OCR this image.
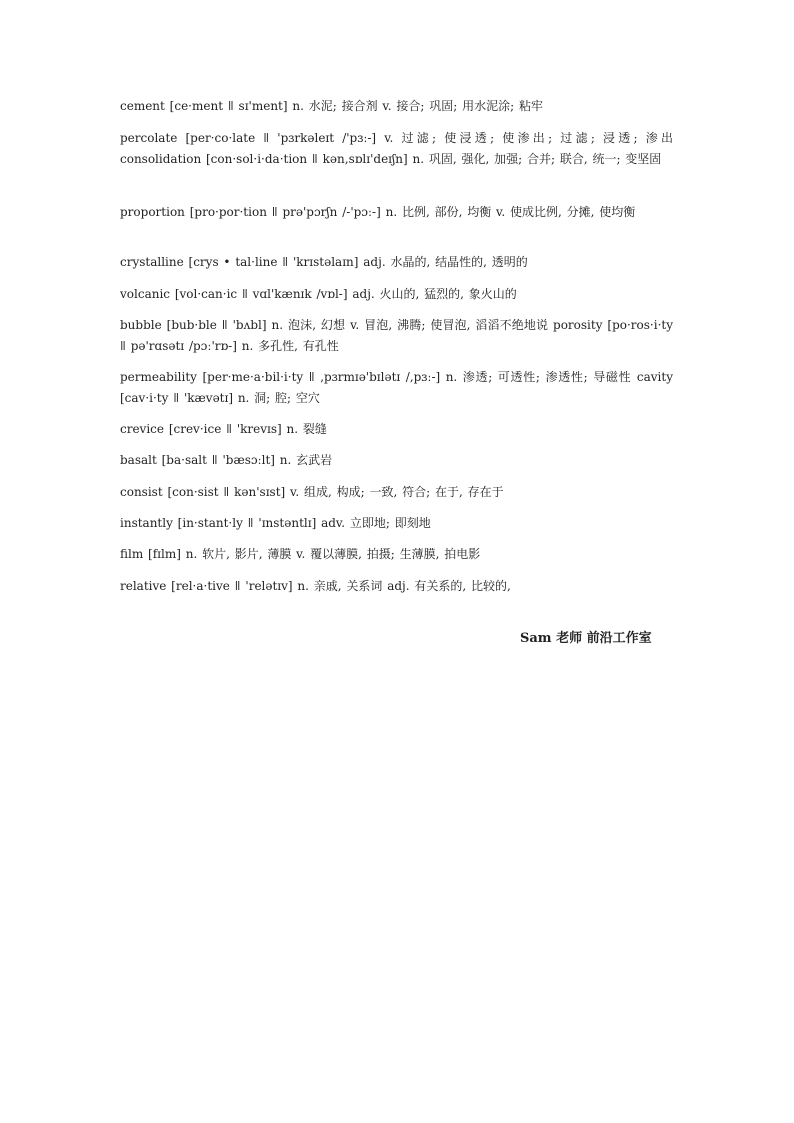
cement [ce·ment ǁ sɪ'ment] n. 水泥; 接合剂 v. 接合; 巩固; 用水泥涂; 粘牢
percolate [per·co·late ǁ 'pɜrkəleɪt /'pɜː-] v. 过滤; 使浸透; 使渗出; 过滤; 浸透; 渗出 consolidation [con·sol·i·da·tion ǁ kən‚sɒlɪ'deɪʃn] n. 巩固, 强化, 加强; 合并; 联合, 统一; 变坚固
proportion [pro·por·tion ǁ prə'pɔrʃn /-'pɔː-] n. 比例, 部份, 均衡 v. 使成比例, 分摊, 使均衡
crystalline [crys • tal·line ǁ 'krɪstəlaɪn] adj. 水晶的, 结晶性的, 透明的
volcanic [vol·can·ic ǁ vɑl'kænɪk /vɒl-] adj. 火山的, 猛烈的, 象火山的
bubble [bub·ble ǁ 'bʌbl] n. 泡沫, 幻想 v. 冒泡, 沸腾; 使冒泡, 滔滔不绝地说 porosity [po·ros·i·ty ǁ pə'rɑsətɪ /pɔː'rɒ-] n. 多孔性, 有孔性
permeability [per·me·a·bil·i·ty ǁ ‚pɜrmɪə'bɪlətɪ /‚pɜː-] n. 渗透; 可透性; 渗透性; 导磁性 cavity [cav·i·ty ǁ 'kævətɪ] n. 洞; 腔; 空穴
crevice [crev·ice ǁ 'krevɪs] n. 裂缝
basalt [ba·salt ǁ 'bæsɔːlt] n. 玄武岩
consist [con·sist ǁ kən'sɪst] v. 组成, 构成; 一致, 符合; 在于, 存在于
instantly [in·stant·ly ǁ 'ɪnstəntlɪ] adv. 立即地; 即刻地
film [fɪlm] n. 软片, 影片, 薄膜 v. 覆以薄膜, 拍摄; 生薄膜, 拍电影
relative [rel·a·tive ǁ 'relətɪv] n. 亲戚, 关系词 adj. 有关系的, 比较的,
Sam 老师 前沿工作室
